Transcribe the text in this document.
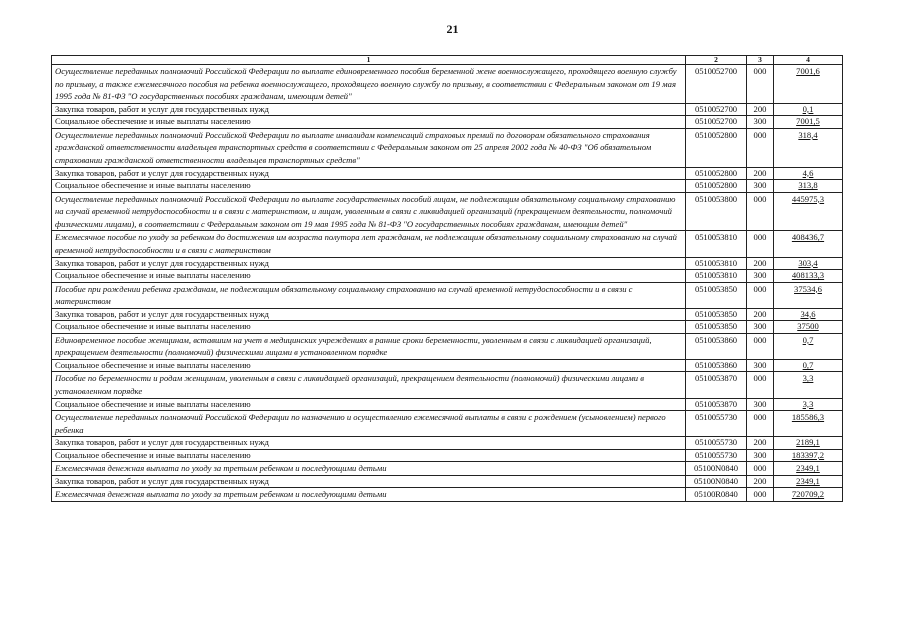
21
1	2	3	4
Осуществление переданных полномочий Российской Федерации по выплате единовременного пособия беременной жене военнослужащего, проходящего военную службу по призыву, а также ежемесячного пособия на ребенка военнослужащего, проходящего военную службу по призыву, в соответствии с Федеральным законом от 19 мая 1995 года № 81-ФЗ "О государственных пособиях гражданам, имеющим детей"	0510052700	000	7001,6
Закупка товаров, работ и услуг для государственных нужд	0510052700	200	0,1
Социальное обеспечение и иные выплаты населению	0510052700	300	7001,5
Осуществление переданных полномочий Российской Федерации по выплате инвалидам компенсаций страховых премий по договорам обязательного страхования гражданской ответственности владельцев транспортных средств в соответствии с Федеральным законом от 25 апреля 2002 года № 40-ФЗ "Об обязательном страховании гражданской ответственности владельцев транспортных средств"	0510052800	000	318,4
Закупка товаров, работ и услуг для государственных нужд	0510052800	200	4,6
Социальное обеспечение и иные выплаты населению	0510052800	300	313,8
Осуществление переданных полномочий Российской Федерации по выплате государственных пособий лицам, не подлежащим обязательному социальному страхованию на случай временной нетрудоспособности и в связи с материнством, и лицам, уволенным в связи с ликвидацией организаций (прекращением деятельности, полномочий физическими лицами), в соответствии с Федеральным законом от 19 мая 1995 года № 81-ФЗ "О государственных пособиях гражданам, имеющим детей"	0510053800	000	445975,3
Ежемесячное пособие по уходу за ребенком до достижения им возраста полутора лет гражданам, не подлежащим обязательному социальному страхованию на случай временной нетрудоспособности и в связи с материнством	0510053810	000	408436,7
Закупка товаров, работ и услуг для государственных нужд	0510053810	200	303,4
Социальное обеспечение и иные выплаты населению	0510053810	300	408133,3
Пособие при рождении ребенка гражданам, не подлежащим обязательному социальному страхованию на случай временной нетрудоспособности и в связи с материнством	0510053850	000	37534,6
Закупка товаров, работ и услуг для государственных нужд	0510053850	200	34,6
Социальное обеспечение и иные выплаты населению	0510053850	300	37500
Единовременное пособие женщинам, вставшим на учет в медицинских учреждениях в ранние сроки беременности, уволенным в связи с ликвидацией организаций, прекращением деятельности (полномочий) физическими лицами в установленном порядке	0510053860	000	0,7
Социальное обеспечение и иные выплаты населению	0510053860	300	0,7
Пособие по беременности и родам женщинам, уволенным в связи с ликвидацией организаций, прекращением деятельности (полномочий) физическими лицами в установленном порядке	0510053870	000	3,3
Социальное обеспечение и иные выплаты населению	0510053870	300	3,3
Осуществление переданных полномочий Российской Федерации по назначению и осуществлению ежемесячной выплаты в связи с рождением (усыновлением) первого ребенка	0510055730	000	185586,3
Закупка товаров, работ и услуг для государственных нужд	0510055730	200	2189,1
Социальное обеспечение и иные выплаты населению	0510055730	300	183397,2
Ежемесячная денежная выплата по уходу за третьим ребенком и последующими детьми	05100N0840	000	2349,1
Закупка товаров, работ и услуг для государственных нужд	05100N0840	200	2349,1
Ежемесячная денежная выплата по уходу за третьим ребенком и последующими детьми	05100R0840	000	720709,2
